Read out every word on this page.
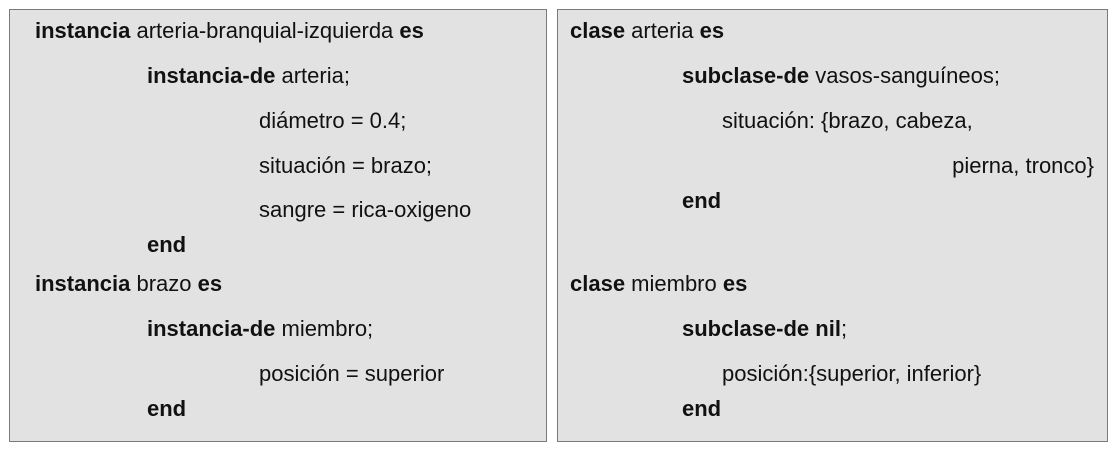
instancia arteria-branquial-izquierda es
instancia-de arteria;
diámetro = 0.4;
situación = brazo;
sangre = rica-oxigeno
end
instancia brazo es
instancia-de miembro;
posición = superior
end
clase arteria es
subclase-de vasos-sanguíneos;
situación: {brazo, cabeza,
pierna, tronco}
end
clase miembro es
subclase-de nil;
posición:{superior, inferior}
end
